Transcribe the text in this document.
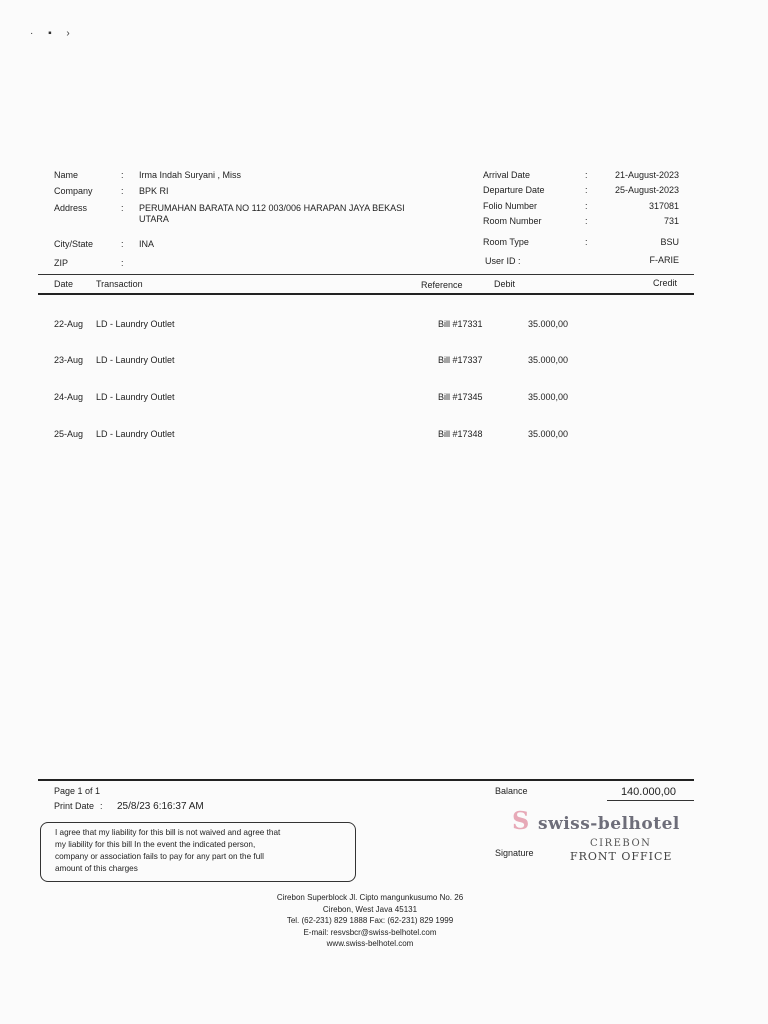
· ▪ ›
Name	: Irma Indah Suryani , Miss
Company	: BPK RI
Address	: PERUMAHAN BARATA NO 112 003/006 HARAPAN JAYA BEKASI
UTARA
City/State	: INA
ZIP	:
Arrival Date	:	21-August-2023
Departure Date	:	25-August-2023
Folio Number	:	317081
Room Number	:	731
Room Type	:	BSU
User ID :	F-ARIE
Date	Transaction	Reference	Debit	Credit
22-Aug LD - Laundry Outlet	Bill #17331	35.000,00
23-Aug LD - Laundry Outlet	Bill #17337	35.000,00
24-Aug LD - Laundry Outlet	Bill #17345	35.000,00
25-Aug LD - Laundry Outlet	Bill #17348	35.000,00
Page 1 of 1
Print Date : 25/8/23 6:16:37 AM
Balance	140.000,00
I agree that my liability for this bill is not waived and agree that
my liability for this bill In the event the indicated person,
company or association fails to pay for any part on the full
amount of this charges
Signature
S swiss-belhotel
CIREBON
FRONT OFFICE
Cirebon Superblock Jl. Cipto mangunkusumo No. 26
Cirebon, West Java 45131
Tel. (62-231) 829 1888 Fax: (62-231) 829 1999
E-mail: resvsbcr@swiss-belhotel.com
www.swiss-belhotel.com
